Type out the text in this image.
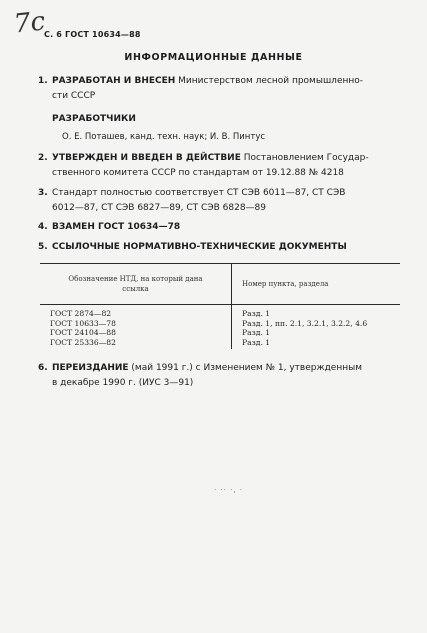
7c
С. 6 ГОСТ 10634—88
ИНФОРМАЦИОННЫЕ ДАННЫЕ
1. РАЗРАБОТАН И ВНЕСЕН Министерством лесной промышленно-
сти СССР
РАЗРАБОТЧИКИ
О. Е. Поташев, канд. техн. наук; И. В. Пинтус
2. УТВЕРЖДЕН И ВВЕДЕН В ДЕЙСТВИЕ Постановлением Государ-
ственного комитета СССР по стандартам от 19.12.88 № 4218
3. Стандарт полностью соответствует СТ СЭВ 6011—87, СТ СЭВ
6012—87, СТ СЭВ 6827—89, СТ СЭВ 6828—89
4. ВЗАМЕН ГОСТ 10634—78
5. ССЫЛОЧНЫЕ НОРМАТИВНО-ТЕХНИЧЕСКИЕ ДОКУМЕНТЫ
Обозначение НТД, на который дана ссылка
Номер пункта, раздела
ГОСТ 2874—82
ГОСТ 10633—78
ГОСТ 24104—88
ГОСТ 25336—82
Разд. 1
Разд. 1, пп. 2.1, 3.2.1, 3.2.2, 4.6
Разд. 1
Разд. 1
6. ПЕРЕИЗДАНИЕ (май 1991 г.) с Изменением № 1, утвержденным
в декабре 1990 г. (ИУС 3—91)
· ·· ·, ·
